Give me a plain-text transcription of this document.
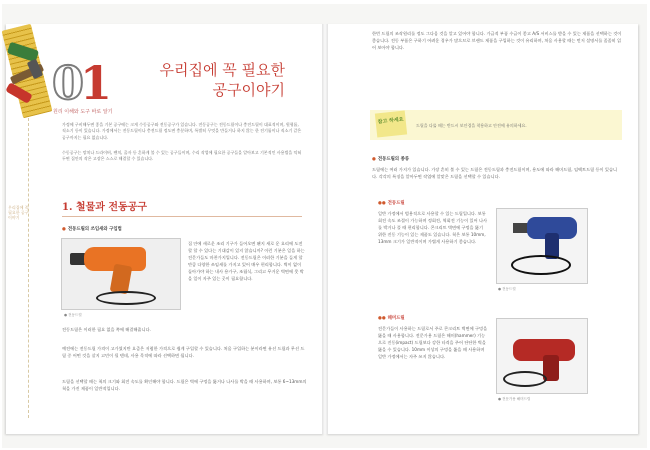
우리집에 꼭 필요한 공구이야기
01
원리 이해와 도구 바로 알기
우리집에 꼭 필요한
공구이야기

가정에 구비해두면 좋을 기본 공구에는 크게 수동공구와 전동공구가 있습니다. 전동공구는 전동드릴이나 충전드릴이 대표적이며, 원형톱, 직소기 등이 있습니다. 가정에서는 전동드릴이나 충전드릴 정도면 충분하며, 특별히 무엇을 만들거나 하지 않는 한 전기톱이나 직소기 같은 공구까지는 필요 없습니다.

수동공구는 망치나 드라이버, 펜치, 줄자 등 흔하게 볼 수 있는 공구들이며, 수리 작업에 필요한 공구들을 알아보고 기본적인 사용법을 익혀두면 집안의 작은 고장은 스스로 해결할 수 있습니다.

1. 철물과 전동공구
● 전동드릴의 쓰임새와 구입법
● 전동드릴

집 안에 새로운 조리 기구가 들어오면 왠지 새로 운 요리에 도전할 할 수 있다는 기대감이 있지 않습니까? 이런 기분은 일을 하는 전문가들도 마찬가지입니다. 전동드릴은 이러한 기분을 들게 할 만큼 다양한 쓰임새를 가지고 있어 매우 편리합니다. 벽이 없이 돌아가야 하는 내사 용가구, 조립식, 그리고 무거운 벽면에 못 박을 일이 자주 있는 곳이 필요합니다.

전동드릴은 이러한 필요 없을 쪽에 해결해줍니다.

예전에는 전동드릴 가격이 고가였지만 요즘은 저렴한 가격으로 쉽게 구입할 수 있습니다. 처음 구입하는 분이라면 유선 드릴과 무선 드릴 중 어떤 것을 살지 고민이 될 텐데, 사용 목적에 따라 선택하면 됩니다.

드릴을 선택할 때는 척의 크기와 회전 속도를 확인해야 합니다. 드릴은 벽에 구멍을 뚫거나 나사를 박을 때 사용하며, 보통 6~13mm의 척을 가진 제품이 일반적입니다.

한번 드릴의 조작원리를 정도 그다음 것을 알고 있어야 합니다. 가급적 부품 수급이 좋고 A/S 서비스를 받을 수 있는 제품을 선택하는 것이 좋습니다. 전동 부품은 구하기 어려운 경우가 많으므로 브랜드 제품을 구입하는 것이 유리하며, 처음 사용할 때는 먼저 설명서를 꼼꼼히 읽어 보아야 합니다.

참고 하세요
드릴을 다룰 때는 반드시 보안경을 착용하고 안전에 유의하세요.
● 전동드릴의 종류

드릴에는 여러 가지가 있습니다. 가장 흔히 볼 수 있는 드릴은 전동드릴과 충전드릴이며, 용도에 따라 해머드릴, 임팩트드릴 등이 있습니다. 각각의 특징을 알아두면 작업에 알맞은 드릴을 선택할 수 있습니다.

●● 전동드릴

일반 가정에서 범용적으로 사용할 수 있는 드릴입니다. 보통 회전 속도 조절이 가능하며 정회전, 역회전 기능이 있어 나사를 박거나 풀 때 편리합니다. 콘크리트 벽면에 구멍을 뚫기 위한 진동 기능이 있는 제품도 있습니다. 척은 보통 10mm, 13mm 크기가 일반적이며 가볍게 사용하기 좋습니다.

● 전동드릴
●● 해머드릴

전문가들이 사용하는 드릴로서 주로 콘크리트 벽면에 구멍을 뚫을 때 사용합니다. 전문가용 드릴은 해머(hammer) 기능으로 진동(impact) 드릴보다 강한 타격을 주어 단단한 벽을 뚫을 수 있습니다. 10mm 이상의 구멍을 뚫을 때 사용하며 일반 가정에서는 자주 쓰지 않습니다.

● 전문가용 해머드릴
